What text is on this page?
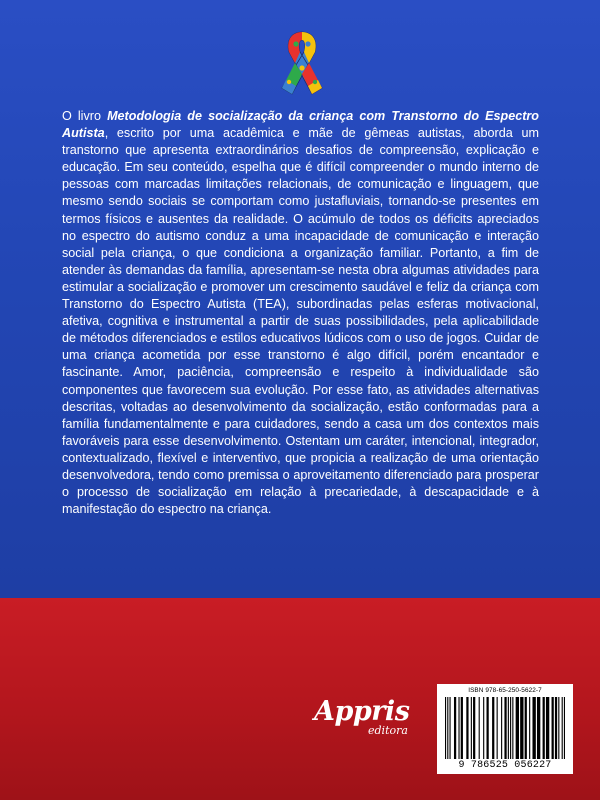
O livro Metodologia de socialização da criança com Transtorno do Espectro Autista, escrito por uma acadêmica e mãe de gêmeas autistas, aborda um transtorno que apresenta extraordinários desafios de compreensão, explicação e educação. Em seu conteúdo, espelha que é difícil compreender o mundo interno de pessoas com marcadas limitações relacionais, de comunicação e linguagem, que mesmo sendo sociais se comportam como justafluviais, tornando-se presentes em termos físicos e ausentes da realidade. O acúmulo de todos os déficits apreciados no espectro do autismo conduz a uma incapacidade de comunicação e interação social pela criança, o que condiciona a organização familiar. Portanto, a fim de atender às demandas da família, apresentam-se nesta obra algumas atividades para estimular a socialização e promover um crescimento saudável e feliz da criança com Transtorno do Espectro Autista (TEA), subordinadas pelas esferas motivacional, afetiva, cognitiva e instrumental a partir de suas possibilidades, pela aplicabilidade de métodos diferenciados e estilos educativos lúdicos com o uso de jogos. Cuidar de uma criança acometida por esse transtorno é algo difícil, porém encantador e fascinante. Amor, paciência, compreensão e respeito à individualidade são componentes que favorecem sua evolução. Por esse fato, as atividades alternativas descritas, voltadas ao desenvolvimento da socialização, estão conformadas para a família fundamentalmente e para cuidadores, sendo a casa um dos contextos mais favoráveis para esse desenvolvimento. Ostentam um caráter, intencional, integrador, contextualizado, flexível e interventivo, que propicia a realização de uma orientação desenvolvedora, tendo como premissa o aproveitamento diferenciado para prosperar o processo de socialização em relação à precariedade, à descapacidade e à manifestação do espectro na criança.

Appris
editora
ISBN 978-65-250-5622-7
9 786525 056227
